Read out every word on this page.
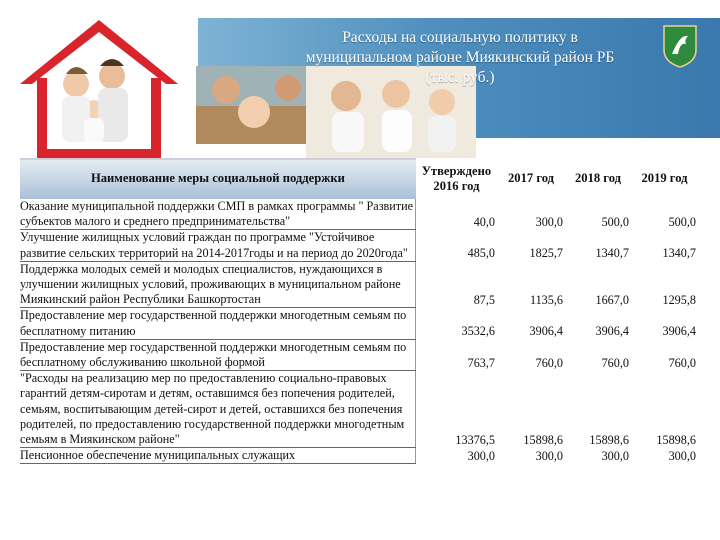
Расходы на социальную политику в
муниципальном районе Миякинский район РБ
(тыс. руб.)
Наименование меры социальной поддержки	Утверждено 2016 год	2017 год	2018 год	2019 год
Оказание муниципальной поддержки СМП в рамках программы " Развитие субъектов малого и среднего предпринимательства"	40,0	300,0	500,0	500,0
Улучшение жилищных условий граждан по программе "Устойчивое развитие сельских территорий на 2014-2017годы и на период до 2020года"	485,0	1825,7	1340,7	1340,7
Поддержка молодых семей и молодых специалистов, нуждающихся в улучшении жилищных условий, проживающих в муниципальном районе Миякинский район Республики Башкортостан	87,5	1135,6	1667,0	1295,8
Предоставление мер государственной поддержки многодетным семьям по бесплатному питанию	3532,6	3906,4	3906,4	3906,4
Предоставление мер государственной поддержки многодетным семьям по бесплатному обслуживанию школьной формой	763,7	760,0	760,0	760,0
"Расходы на реализацию мер по предоставлению социально-правовых гарантий детям-сиротам и детям, оставшимся без попечения родителей, семьям, воспитывающим детей-сирот и детей, оставшихся без попечения родителей, по предоставлению государственной поддержки многодетным семьям в Миякинском районе"	13376,5	15898,6	15898,6	15898,6
Пенсионное обеспечение муниципальных служащих	300,0	300,0	300,0	300,0
